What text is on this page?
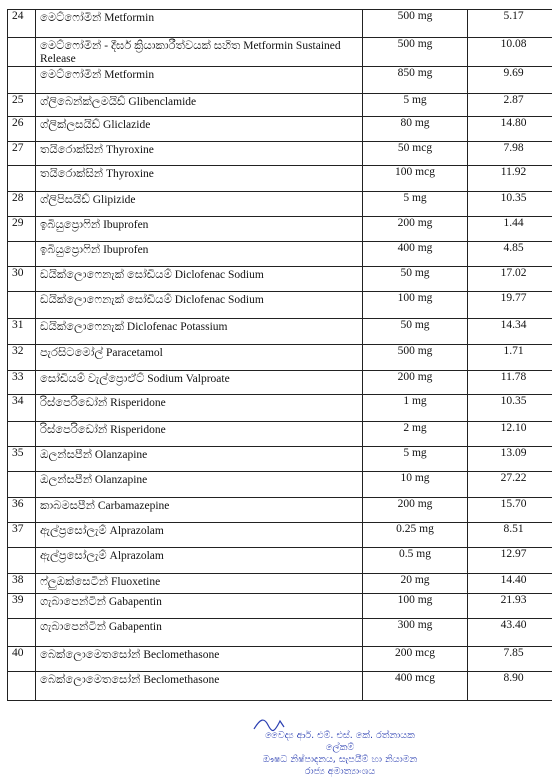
24	මෙට්ෆෝමින් Metformin	500 mg	5.17

	මෙට්ෆෝමින් - දීර්ඝ ක්‍රියාකාරීත්වයක් සහිත Metformin Sustained Release	500 mg	10.08

	මෙට්ෆෝමින් Metformin	850 mg	9.69
25	ග්ලිබෙන්ක්ලමයිඩ් Glibenclamide	5 mg	2.87
26	ග්ලික්ලසයිඩ් Gliclazide	80 mg	14.80
27	තයිරොක්සින් Thyroxine	50 mcg	7.98

	තයිරොක්සින් Thyroxine	100 mcg	11.92
28	ග්ලිපිසයිඩ් Glipizide	5 mg	10.35
29	ඉබියුප්‍රොෆින් Ibuprofen	200 mg	1.44

	ඉබියුප්‍රොෆින් Ibuprofen	400 mg	4.85
30	ඩයික්ලොෆෙනැක් සෝඩියම් Diclofenac Sodium	50 mg	17.02

	ඩයික්ලොෆෙනැක් සෝඩියම් Diclofenac Sodium	100 mg	19.77
31	ඩයික්ලොෆෙනැක් Diclofenac Potassium	50 mg	14.34
32	පැරසිටමෝල් Paracetamol	500 mg	1.71
33	සෝඩියම් වැල්ප්‍රොඒට් Sodium Valproate	200 mg	11.78
34	රිස්පෙරිඩෝන් Risperidone	1 mg	10.35

	රිස්පෙරිඩෝන් Risperidone	2 mg	12.10
35	ඔලන්සපීන් Olanzapine	5 mg	13.09

	ඔලන්සපීන් Olanzapine	10 mg	27.22
36	කාබමසපීන් Carbamazepine	200 mg	15.70
37	ඇල්ප්‍රසෝලැම් Alprazolam	0.25 mg	8.51

	ඇල්ප්‍රසෝලැම් Alprazolam	0.5 mg	12.97
38	ෆ්ලුඔක්සෙටින් Fluoxetine	20 mg	14.40
39	ගැබාපෙන්ටින් Gabapentin	100 mg	21.93

	ගැබාපෙන්ටින් Gabapentin	300 mg	43.40
40	බෙක්ලොමෙතසෝන් Beclomethasone	200 mcg	7.85

	බෙක්ලොමෙතසෝන් Beclomethasone	400 mcg	8.90
වෛද්‍ය ආර්. එම්. එස්. කේ. රත්නායක
ලේකම්
ඖෂධ නිෂ්පාදනය, සැපයීම් හා නියාමන
රාජ්‍ය අමාත්‍යාංශය
